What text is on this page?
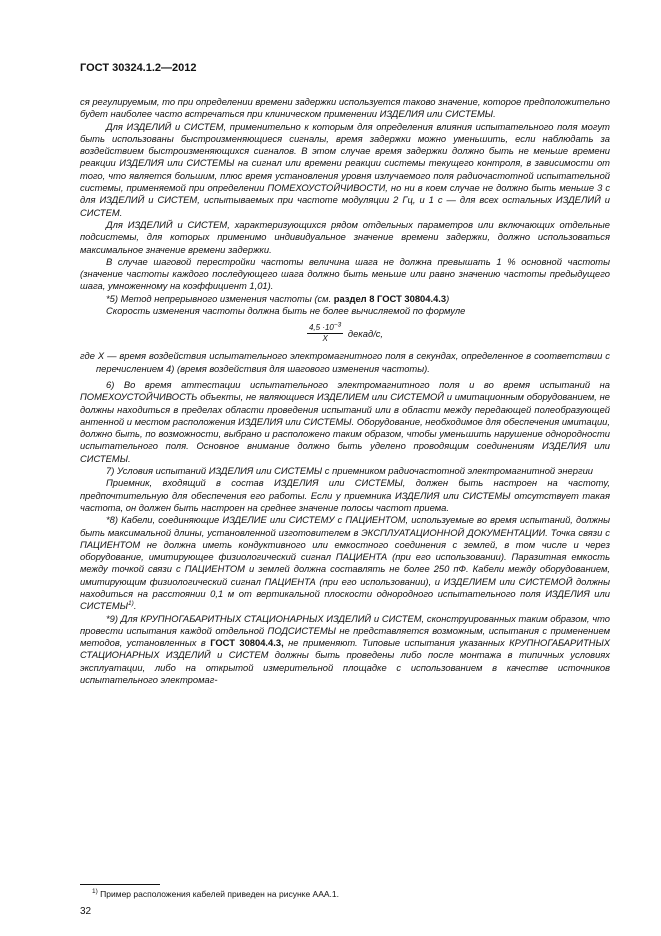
ГОСТ 30324.1.2—2012

ся регулируемым, то при определении времени задержки используется таково значение, которое предположительно будет наиболее часто встречаться при клиническом применении ИЗДЕЛИЯ или СИСТЕМЫ.

Для ИЗДЕЛИЙ и СИСТЕМ, применительно к которым для определения влияния испытательного поля могут быть использованы быстроизменяющиеся сигналы, время задержки можно уменьшить, если наблюдать за воздействием быстроизменяющихся сигналов. В этом случае время задержки должно быть не меньше времени реакции ИЗДЕЛИЯ или СИСТЕМЫ на сигнал или времени реакции системы текущего контроля, в зависимости от того, что является большим, плюс время установления уровня излучаемого поля радиочастотной испытательной системы, применяемой при определении ПОМЕХОУСТОЙЧИВОСТИ, но ни в коем случае не должно быть меньше 3 с для ИЗДЕЛИЙ и СИСТЕМ, испытываемых при частоте модуляции 2 Гц, и 1 с — для всех остальных ИЗДЕЛИЙ и СИСТЕМ.

Для ИЗДЕЛИЙ и СИСТЕМ, характеризующихся рядом отдельных параметров или включающих отдельные подсистемы, для которых применимо индивидуальное значение времени задержки, должно использоваться максимальное значение времени задержки.

В случае шаговой перестройки частоты величина шага не должна превышать 1 % основной частоты (значение частоты каждого последующего шага должно быть меньше или равно значению частоты предыдущего шага, умноженному на коэффициент 1,01).

*5) Метод непрерывного изменения частоты (см. раздел 8 ГОСТ 30804.4.3)

Скорость изменения частоты должна быть не более вычисляемой по формуле

$\frac{4,5 \cdot 10^{-3}}{X}$ декад/с,

где X — время воздействия испытательного электромагнитного поля в секундах, определенное в соответствии с перечислением 4) (время воздействия для шагового изменения частоты).

6) Во время аттестации испытательного электромагнитного поля и во время испытаний на ПОМЕХОУСТОЙЧИВОСТЬ объекты, не являющиеся ИЗДЕЛИЕМ или СИСТЕМОЙ и имитационным оборудованием, не должны находиться в пределах области проведения испытаний или в области между передающей полеобразующей антенной и местом расположения ИЗДЕЛИЯ или СИСТЕМЫ. Оборудование, необходимое для обеспечения имитации, должно быть, по возможности, выбрано и расположено таким образом, чтобы уменьшить нарушение однородности испытательного поля. Основное внимание должно быть уделено проводящим соединениям ИЗДЕЛИЯ или СИСТЕМЫ.

7) Условия испытаний ИЗДЕЛИЯ или СИСТЕМЫ с приемником радиочастотной электромагнитной энергии

Приемник, входящий в состав ИЗДЕЛИЯ или СИСТЕМЫ, должен быть настроен на частоту, предпочтительную для обеспечения его работы. Если у приемника ИЗДЕЛИЯ или СИСТЕМЫ отсутствует такая частота, он должен быть настроен на среднее значение полосы частот приема.

*8) Кабели, соединяющие ИЗДЕЛИЕ или СИСТЕМУ с ПАЦИЕНТОМ, используемые во время испытаний, должны быть максимальной длины, установленной изготовителем в ЭКСПЛУАТАЦИОННОЙ ДОКУМЕНТАЦИИ. Точка связи с ПАЦИЕНТОМ не должна иметь кондуктивного или емкостного соединения с землей, в том числе и через оборудование, имитирующее физиологический сигнал ПАЦИЕНТА (при его использовании). Паразитная емкость между точкой связи с ПАЦИЕНТОМ и землей должна составлять не более 250 пФ. Кабели между оборудованием, имитирующим физиологический сигнал ПАЦИЕНТА (при его использовании), и ИЗДЕЛИЕМ или СИСТЕМОЙ должны находиться на расстоянии 0,1 м от вертикальной плоскости однородного испытательного поля ИЗДЕЛИЯ или СИСТЕМЫ$^{1)}$.

*9) Для КРУПНОГАБАРИТНЫХ СТАЦИОНАРНЫХ ИЗДЕЛИЙ и СИСТЕМ, сконструированных таким образом, что провести испытания каждой отдельной ПОДСИСТЕМЫ не представляется возможным, испытания с применением методов, установленных в ГОСТ 30804.4.3, не применяют. Типовые испытания указанных КРУПНОГАБАРИТНЫХ СТАЦИОНАРНЫХ ИЗДЕЛИЙ и СИСТЕМ должны быть проведены либо после монтажа в типичных условиях эксплуатации, либо на открытой измерительной площадке с использованием в качестве источников испытательного электромаг-

$^{1)}$ Пример расположения кабелей приведен на рисунке AAA.1.
32
